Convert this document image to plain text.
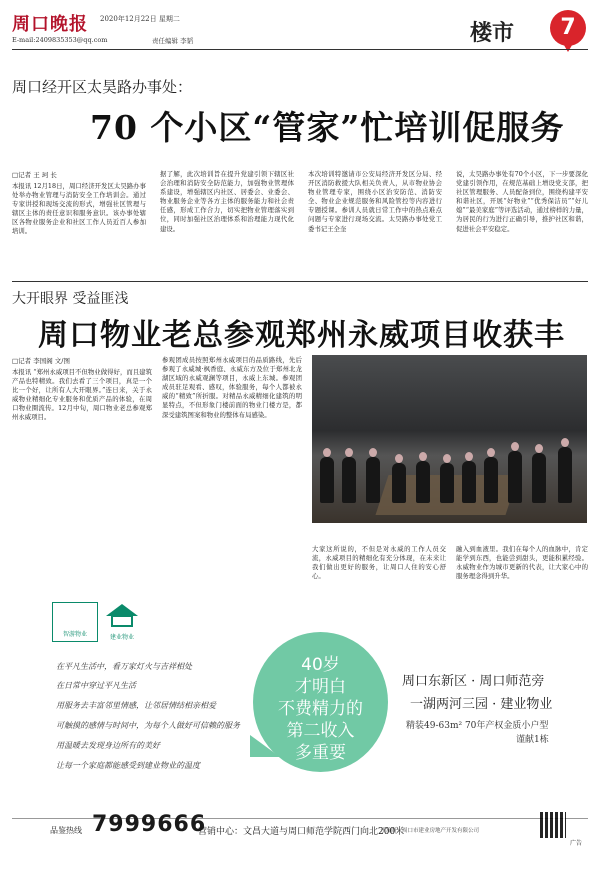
周口晚报 2020年12月22日 星期二
E-mail:2409835353@qq.com	责任编辑 李韬	楼市	7
周口经开区太昊路办事处：
70 个小区“管家”忙培训促服务
□记者 王 珂 长
本报讯 12月18日，周口经济开发区太昊路办事处举办物业管理与消防安全工作培训会。通过专家讲授和现场交流的形式，增强社区管理与辖区主体的责任意识和服务意识。该办事处辖区各物业服务企业和社区工作人员近百人参加培训。
据了解，此次培训旨在提升党建引领下辖区社会治理和消防安全防范能力，加强物业管理体系建设，增强辖区内社区、居委会、业委会、物业服务企业等各方主体的服务能力和社会责任感，形成工作合力，切实把物业管理落实到位，同时加强社区治理体系和治理能力现代化建设。
本次培训特邀请市公安局经济开发区分局、经开区消防救援大队相关负责人，从市物业协会物业管理专家，围绕小区治安防范、消防安全、物业企业规范服务和风险管控等内容进行专题授课。参训人员就日常工作中的热点难点问题与专家进行现场交流。太昊路办事处党工委书记王全奎
说，太昊路办事处有70个小区，下一步要深化党建引领作用，在规范基础上增设党支部，把社区管理服务、人员配备到位，围绕构建平安和谐社区，开展“好物业”“优秀保洁员”“好儿媳”“最美家庭”等评选活动，通过榜样的力量，为居民的行为进行正确引导，推护社区和谐，促进社会平安稳定。
大开眼界 受益匪浅
周口物业老总参观郑州永威项目收获丰
□记者 李国阁 文/图
本报讯 “郑州永威项目不但物业做得好，而且建筑产品也特精致。我们去看了三个项目，真是一个比一个好，让所有人大开眼界。”连日来，关于永威物业精细化专业服务和优质产品的体验，在周口物业圈流传。12月中旬，周口物业老总参观郑州永威项目。
参观团成员按照郑州永威项目的品质路线，先后参观了永威城·枫香庭、永威东方及位于郑州北龙湖区域的永威观澜等项目，永威上东城。参观团成员驻足观看、感叹，体验服务，每个人都被永威的“精致”所折服。对精品永威精细化建筑的明显特点，不但形象门楼前面的物业门楼方是，都深受建筑图案和物业的整体布局感染。
大家这所说的，不但是对永威的工作人员交流，永威项目的精细化有充分体现，在未来让我们做出更好的服务，让周口人住的安心舒心。
融入到血液里。我们在每个人的血脉中，肯定能学到东西，也能尝到甜头，更能积累经验。永威物业作为城市更新的代表，让大家心中的服务理念得到升华。
参观团在永威项目现场参观
智游物业	建业物业
在平凡生活中，看万家灯火与吉祥相处
在日常中穿过平凡生活
用服务去丰富邻里情感，让邻居情结相亲相爱
可触摸的感情与时间中，为每个人做好可信赖的服务
用温暖去发现身边所有的美好
让每一个家庭都能感受到建业物业的温度
40岁
才明白
不费精力的
第二收入
多重要
周口东新区 · 周口师范旁
一湖两河三园 · 建业物业
精装49-63m² 70年产权金质小户型
谨献1栋
品鉴热线 7999666
营销中心：文昌大道与周口师范学院西门向北200米
开发商：周口市建业房地产开发有限公司
广告
